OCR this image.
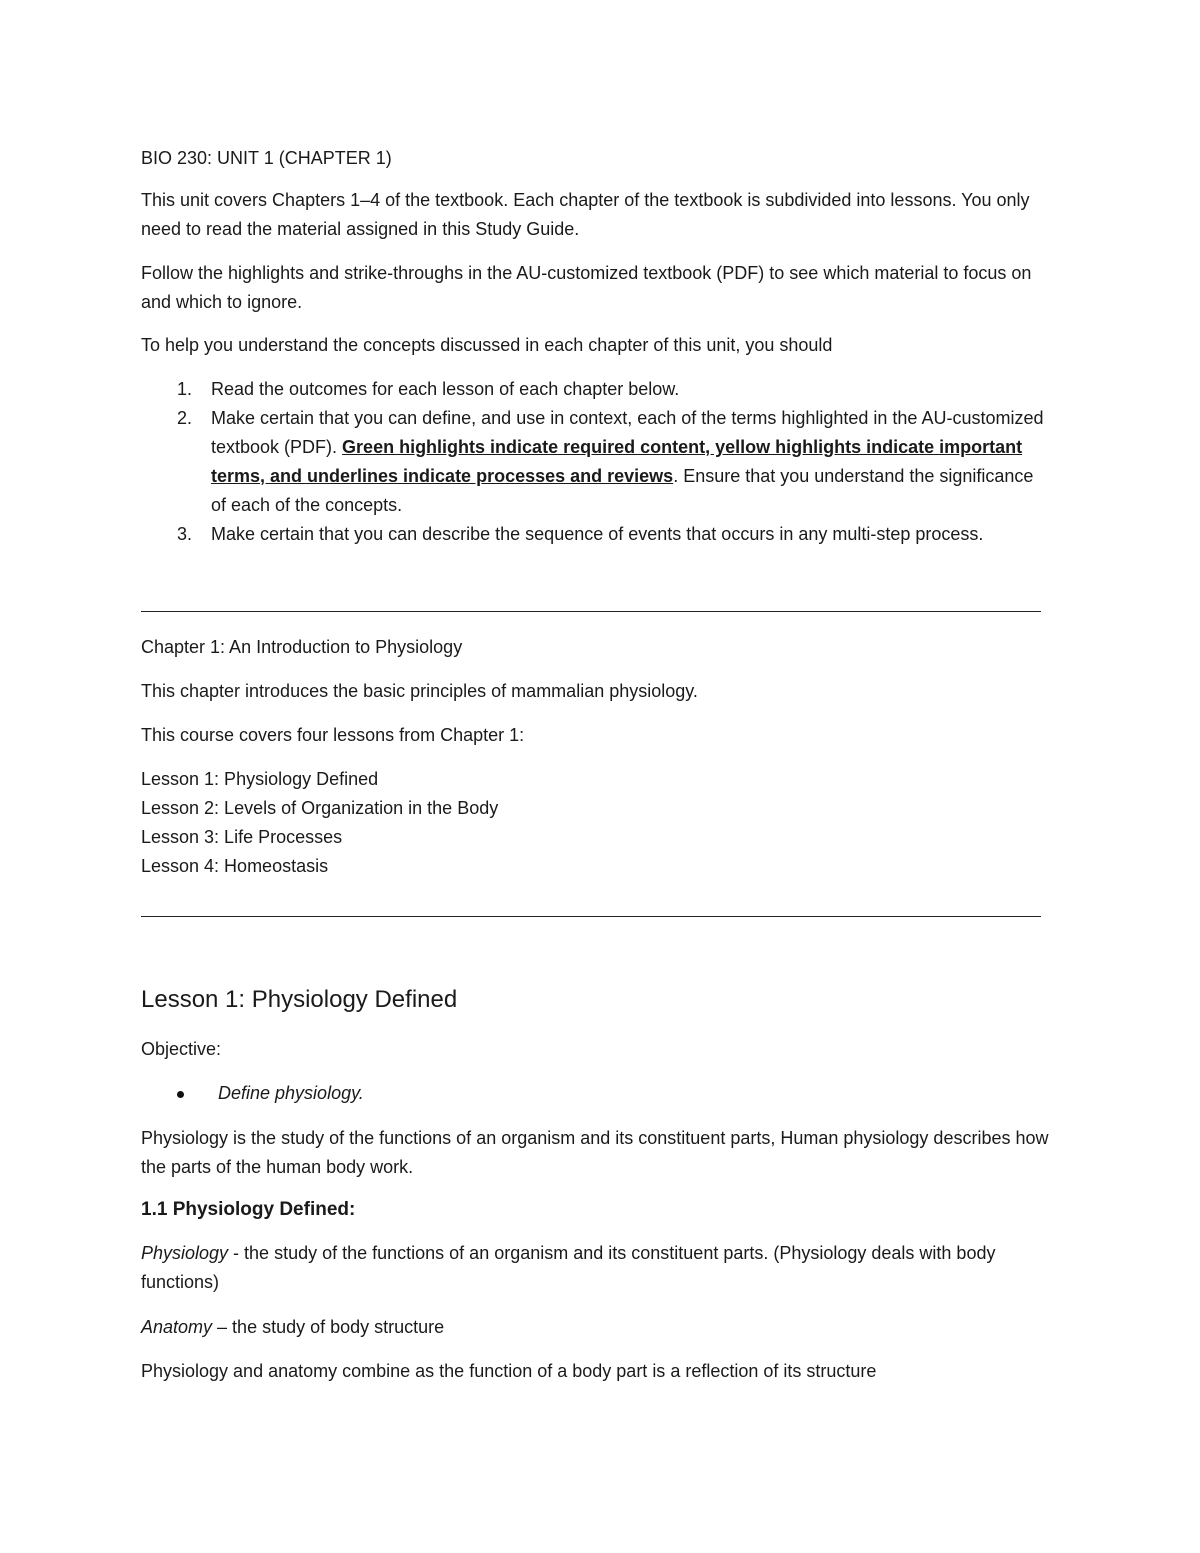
BIO 230: UNIT 1 (CHAPTER 1)

This unit covers Chapters 1–4 of the textbook. Each chapter of the textbook is subdivided into lessons. You only need to read the material assigned in this Study Guide.

Follow the highlights and strike-throughs in the AU-customized textbook (PDF) to see which material to focus on and which to ignore.

To help you understand the concepts discussed in each chapter of this unit, you should

1. Read the outcomes for each lesson of each chapter below.
2. Make certain that you can define, and use in context, each of the terms highlighted in the AU-customized textbook (PDF). Green highlights indicate required content, yellow highlights indicate important terms, and underlines indicate processes and reviews. Ensure that you understand the significance of each of the concepts.
3. Make certain that you can describe the sequence of events that occurs in any multi-step process.

Chapter 1: An Introduction to Physiology

This chapter introduces the basic principles of mammalian physiology.

This course covers four lessons from Chapter 1:

Lesson 1: Physiology Defined
Lesson 2: Levels of Organization in the Body
Lesson 3: Life Processes
Lesson 4: Homeostasis
Lesson 1: Physiology Defined

Objective:

Define physiology.

Physiology is the study of the functions of an organism and its constituent parts, Human physiology describes how the parts of the human body work.

1.1 Physiology Defined:

Physiology - the study of the functions of an organism and its constituent parts. (Physiology deals with body functions)

Anatomy – the study of body structure

Physiology and anatomy combine as the function of a body part is a reflection of its structure
